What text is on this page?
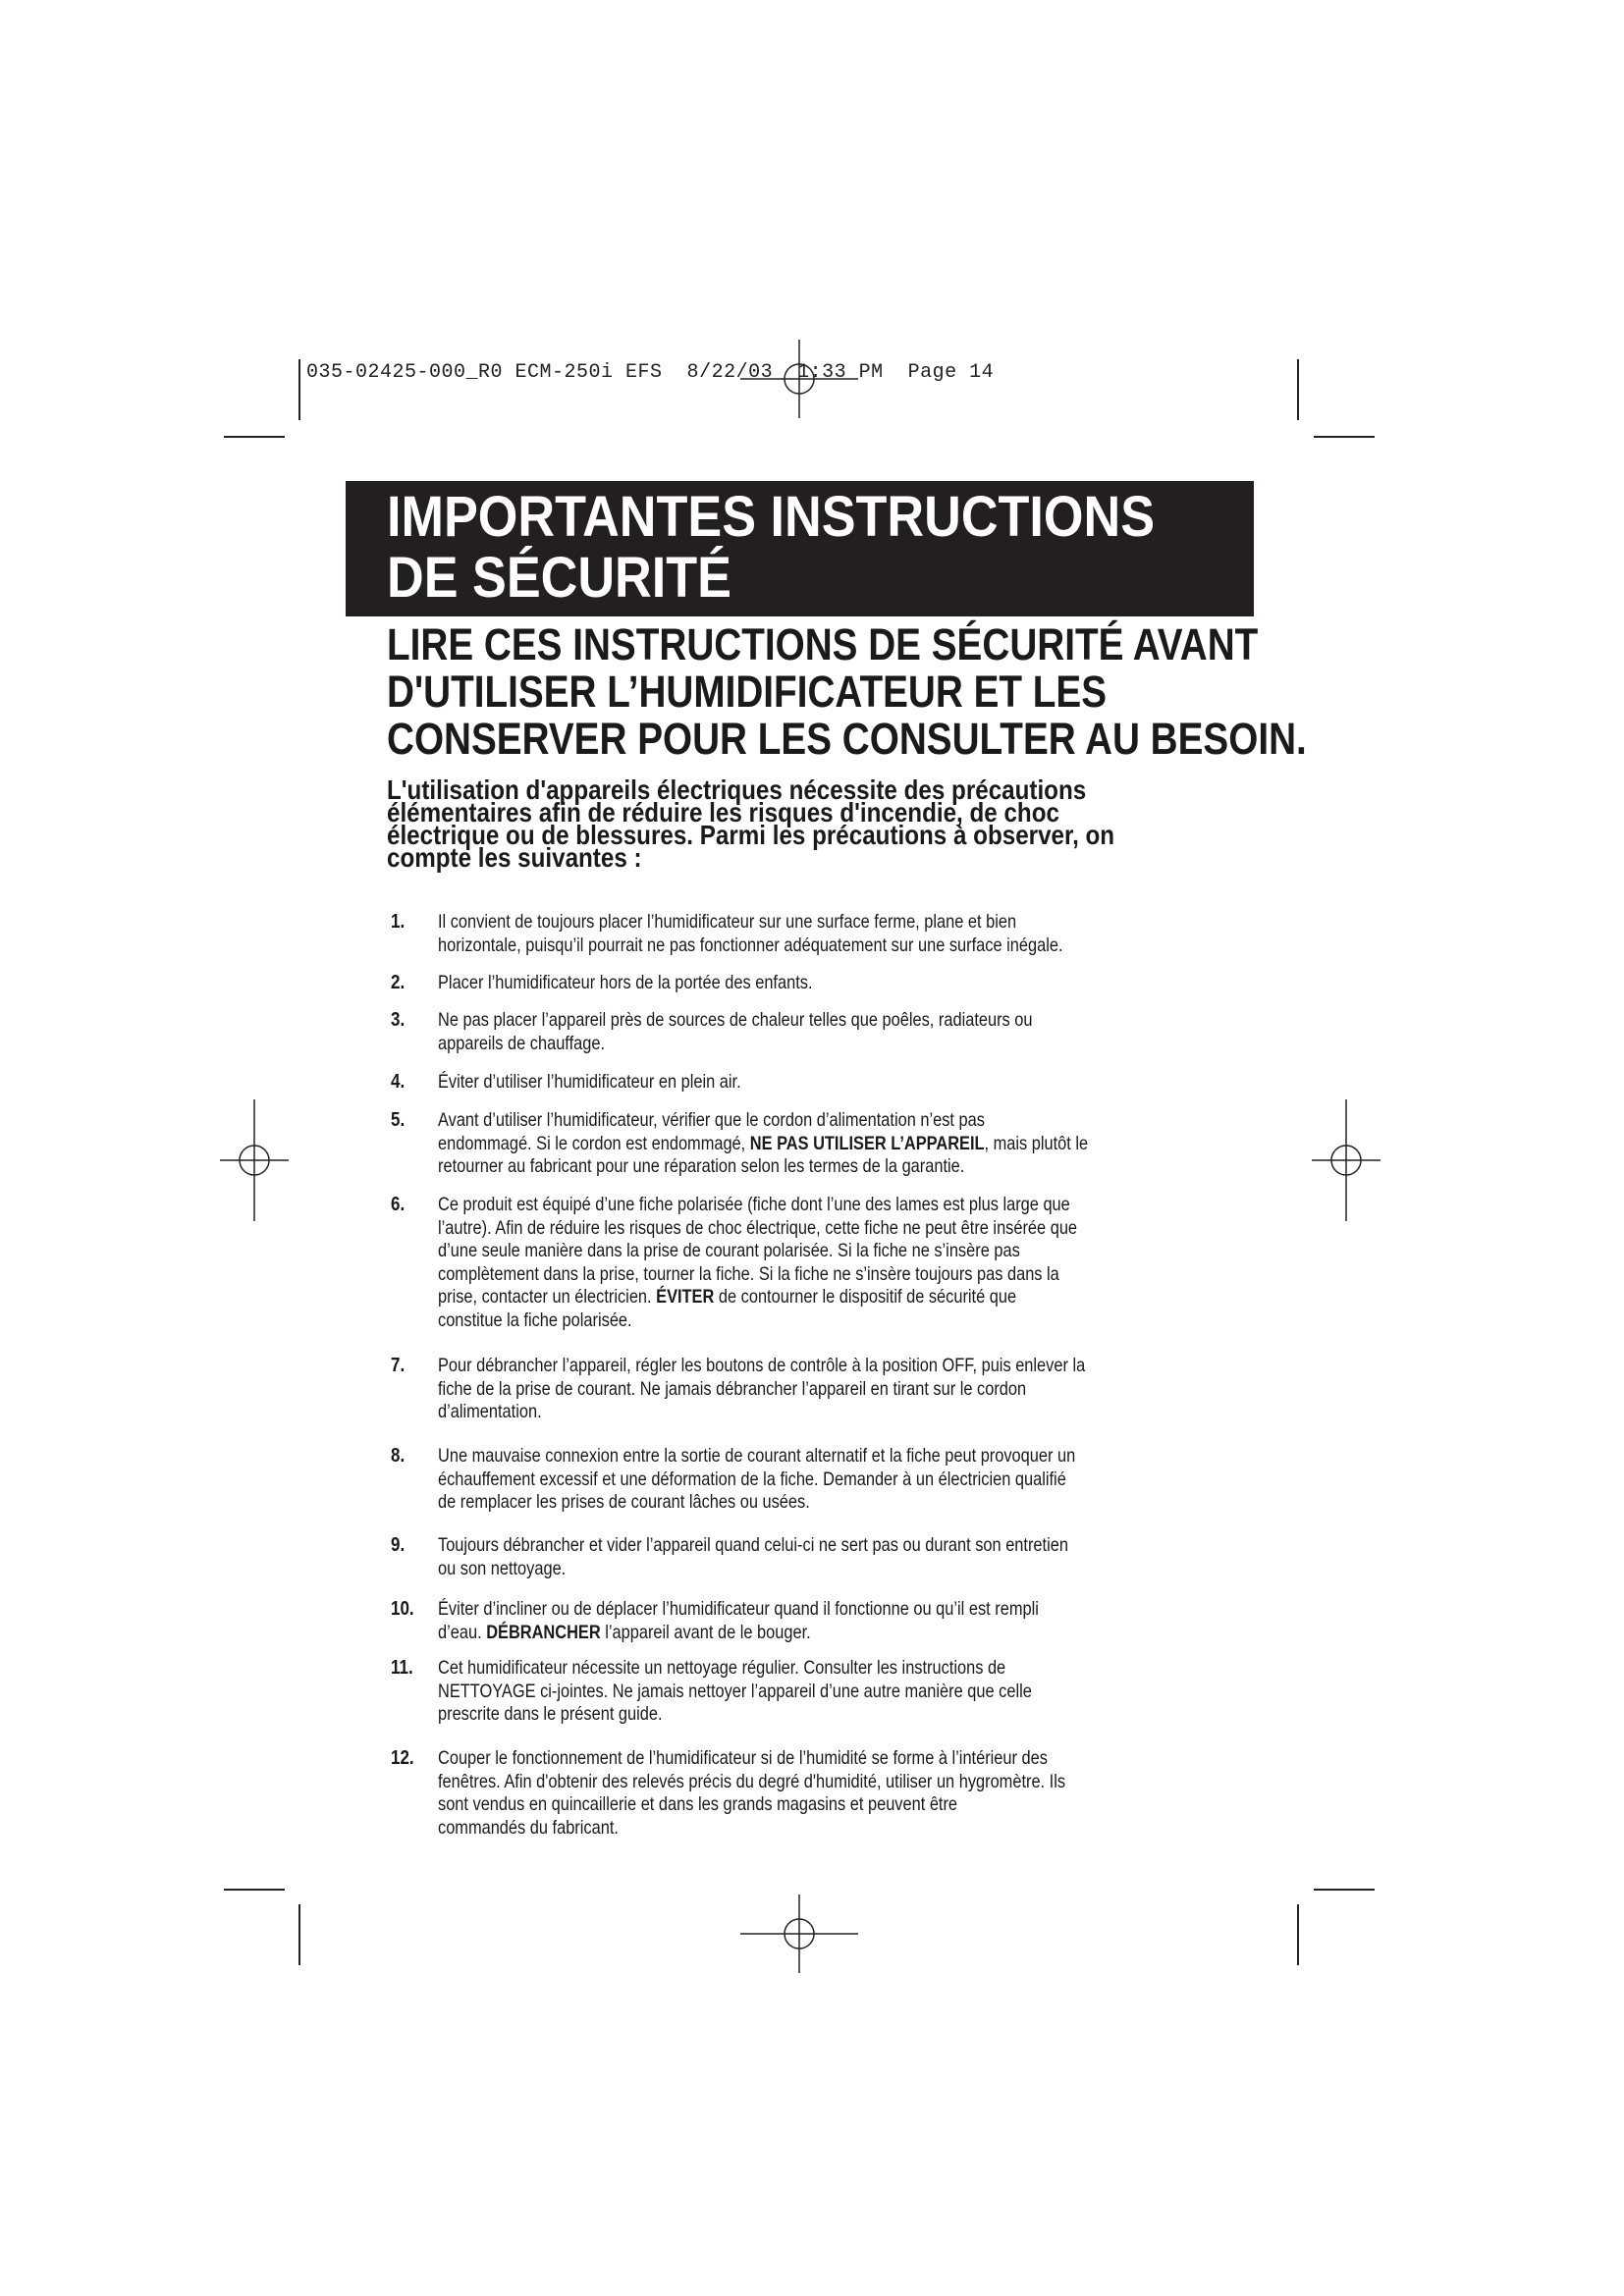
035-02425-000_R0 ECM-250i EFS  8/22/03  1:33 PM  Page 14
IMPORTANTES INSTRUCTIONS
DE SÉCURITÉ
LIRE CES INSTRUCTIONS DE SÉCURITÉ AVANT
D'UTILISER L’HUMIDIFICATEUR ET LES
CONSERVER POUR LES CONSULTER AU BESOIN.

L'utilisation d'appareils électriques nécessite des précautions
élémentaires afin de réduire les risques d'incendie, de choc
électrique ou de blessures. Parmi les précautions à observer, on
compte les suivantes :

1.	Il convient de toujours placer l’humidificateur sur une surface ferme, plane et bien
horizontale, puisqu’il pourrait ne pas fonctionner adéquatement sur une surface inégale.
2.	Placer l’humidificateur hors de la portée des enfants.
3.	Ne pas placer l’appareil près de sources de chaleur telles que poêles, radiateurs ou
appareils de chauffage.
4.	Éviter d’utiliser l’humidificateur en plein air.
5.	Avant d’utiliser l’humidificateur, vérifier que le cordon d’alimentation n’est pas
endommagé. Si le cordon est endommagé, NE PAS UTILISER L’APPAREIL, mais plutôt le
retourner au fabricant pour une réparation selon les termes de la garantie.
6.	Ce produit est équipé d’une fiche polarisée (fiche dont l’une des lames est plus large que
l’autre). Afin de réduire les risques de choc électrique, cette fiche ne peut être insérée que
d’une seule manière dans la prise de courant polarisée. Si la fiche ne s’insère pas
complètement dans la prise, tourner la fiche. Si la fiche ne s’insère toujours pas dans la
prise, contacter un électricien. ÉVITER de contourner le dispositif de sécurité que
constitue la fiche polarisée.
7.	Pour débrancher l’appareil, régler les boutons de contrôle à la position OFF, puis enlever la
fiche de la prise de courant. Ne jamais débrancher l’appareil en tirant sur le cordon
d’alimentation.
8.	Une mauvaise connexion entre la sortie de courant alternatif et la fiche peut provoquer un
échauffement excessif et une déformation de la fiche. Demander à un électricien qualifié
de remplacer les prises de courant lâches ou usées.
9.	Toujours débrancher et vider l’appareil quand celui-ci ne sert pas ou durant son entretien
ou son nettoyage.
10.	Éviter d’incliner ou de déplacer l’humidificateur quand il fonctionne ou qu’il est rempli
d’eau. DÉBRANCHER l’appareil avant de le bouger.
11.	Cet humidificateur nécessite un nettoyage régulier. Consulter les instructions de
NETTOYAGE ci-jointes. Ne jamais nettoyer l’appareil d’une autre manière que celle
prescrite dans le présent guide.
12.	Couper le fonctionnement de l’humidificateur si de l’humidité se forme à l’intérieur des
fenêtres. Afin d'obtenir des relevés précis du degré d'humidité, utiliser un hygromètre. Ils
sont vendus en quincaillerie et dans les grands magasins et peuvent être
commandés du fabricant.
